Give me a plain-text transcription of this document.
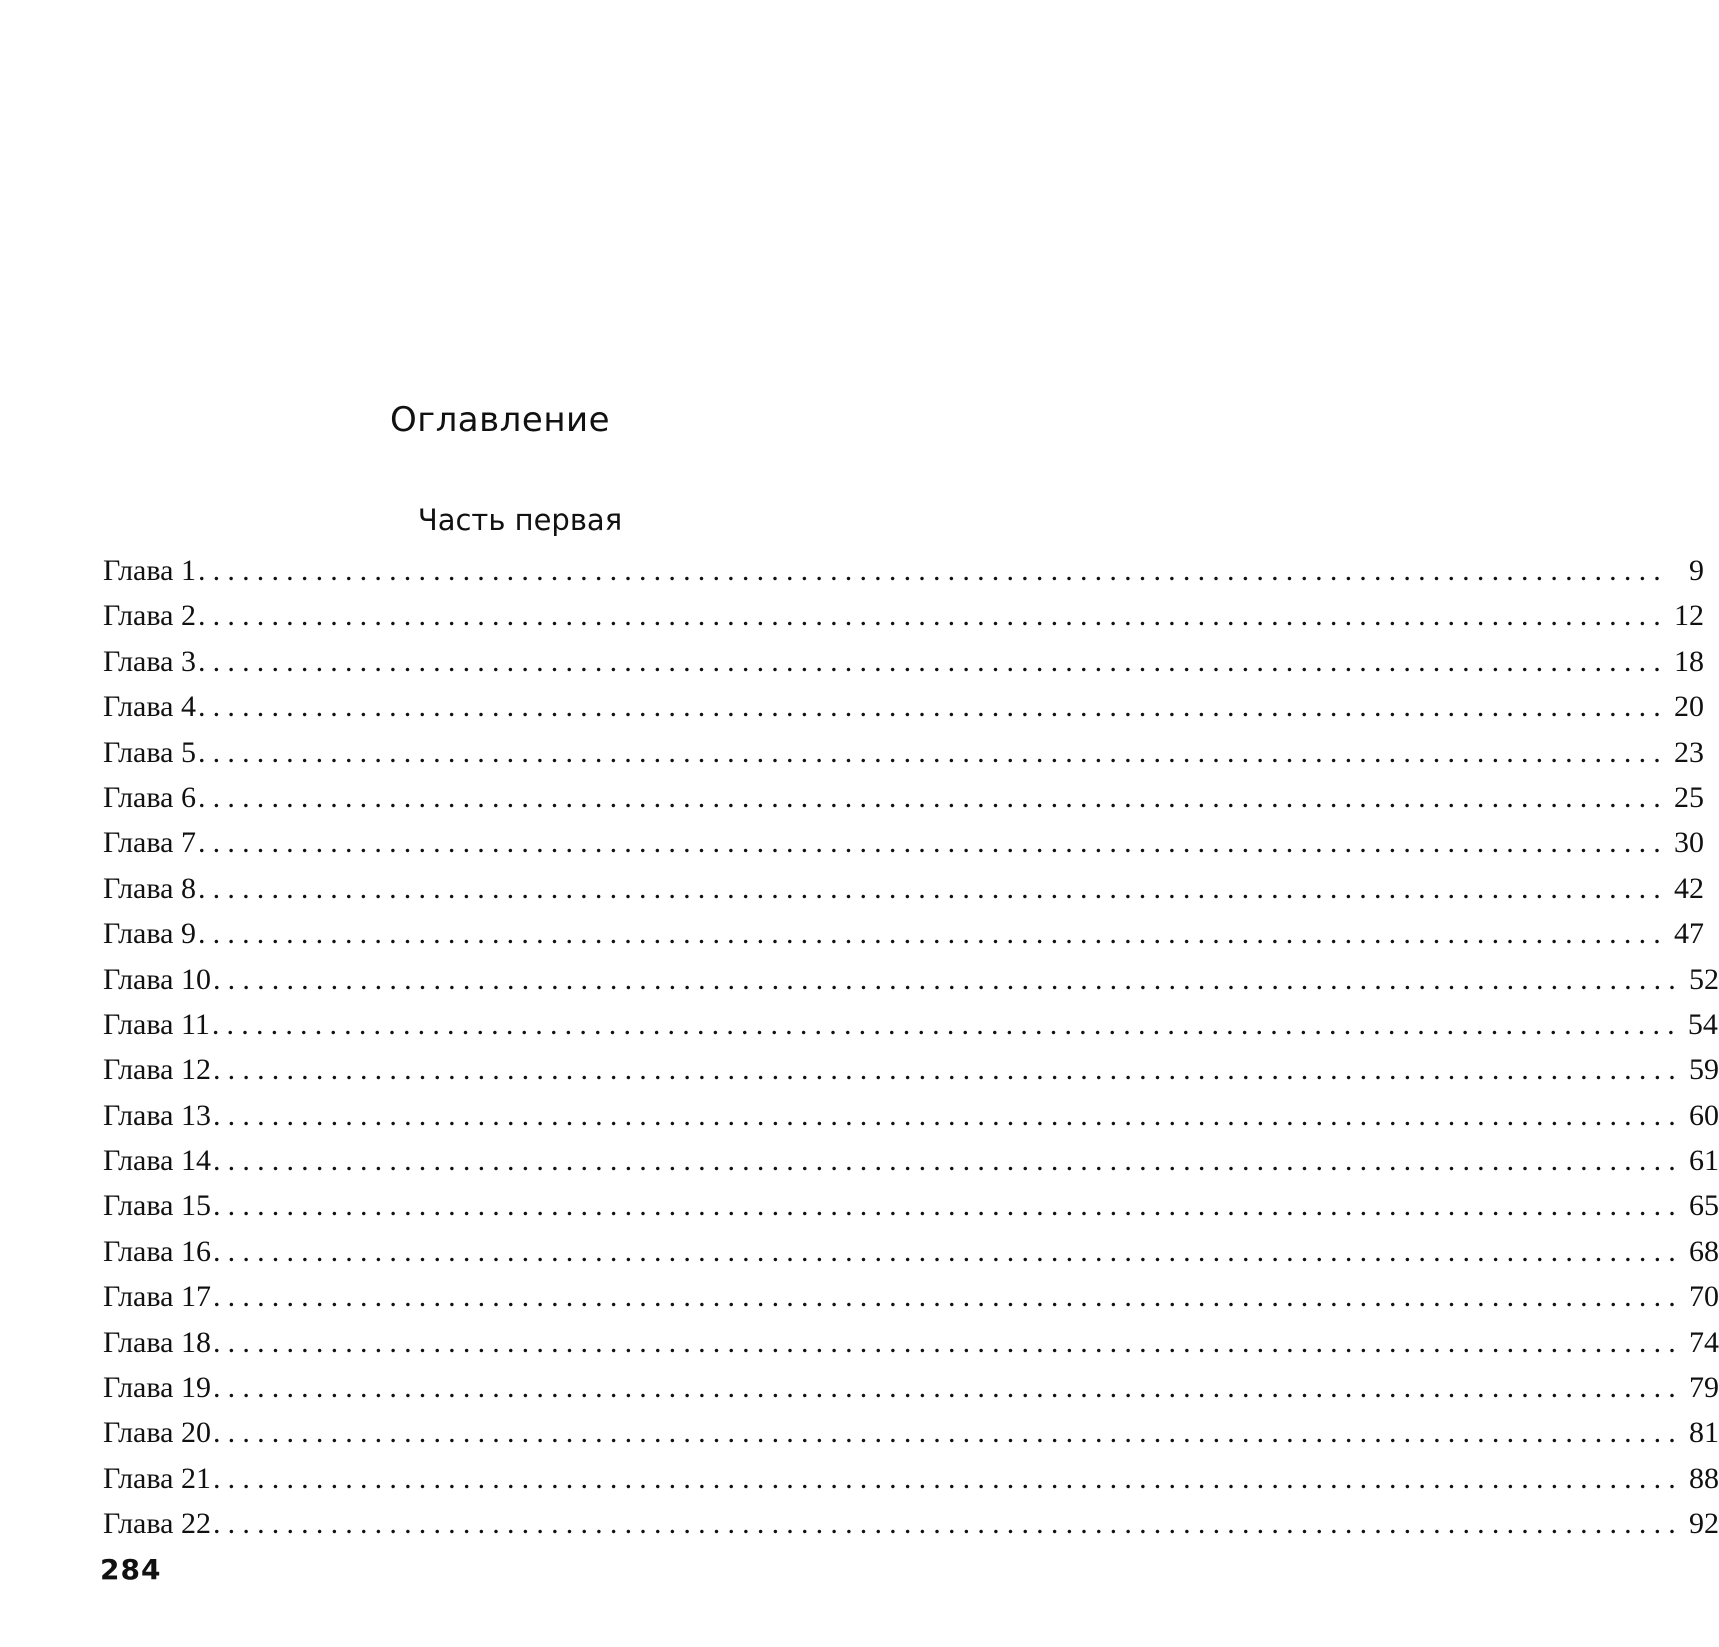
Оглавление
Часть первая
Глава 1 .................................................................................................... 9
Глава 2 .................................................................................................... 12
Глава 3 .................................................................................................... 18
Глава 4 .................................................................................................... 20
Глава 5 .................................................................................................... 23
Глава 6 .................................................................................................... 25
Глава 7 .................................................................................................... 30
Глава 8 .................................................................................................... 42
Глава 9 .................................................................................................... 47
Глава 10 .................................................................................................... 52
Глава 11 .................................................................................................... 54
Глава 12 .................................................................................................... 59
Глава 13 .................................................................................................... 60
Глава 14 .................................................................................................... 61
Глава 15 .................................................................................................... 65
Глава 16 .................................................................................................... 68
Глава 17 .................................................................................................... 70
Глава 18 .................................................................................................... 74
Глава 19 .................................................................................................... 79
Глава 20 .................................................................................................... 81
Глава 21 .................................................................................................... 88
Глава 22 .................................................................................................... 92

284
